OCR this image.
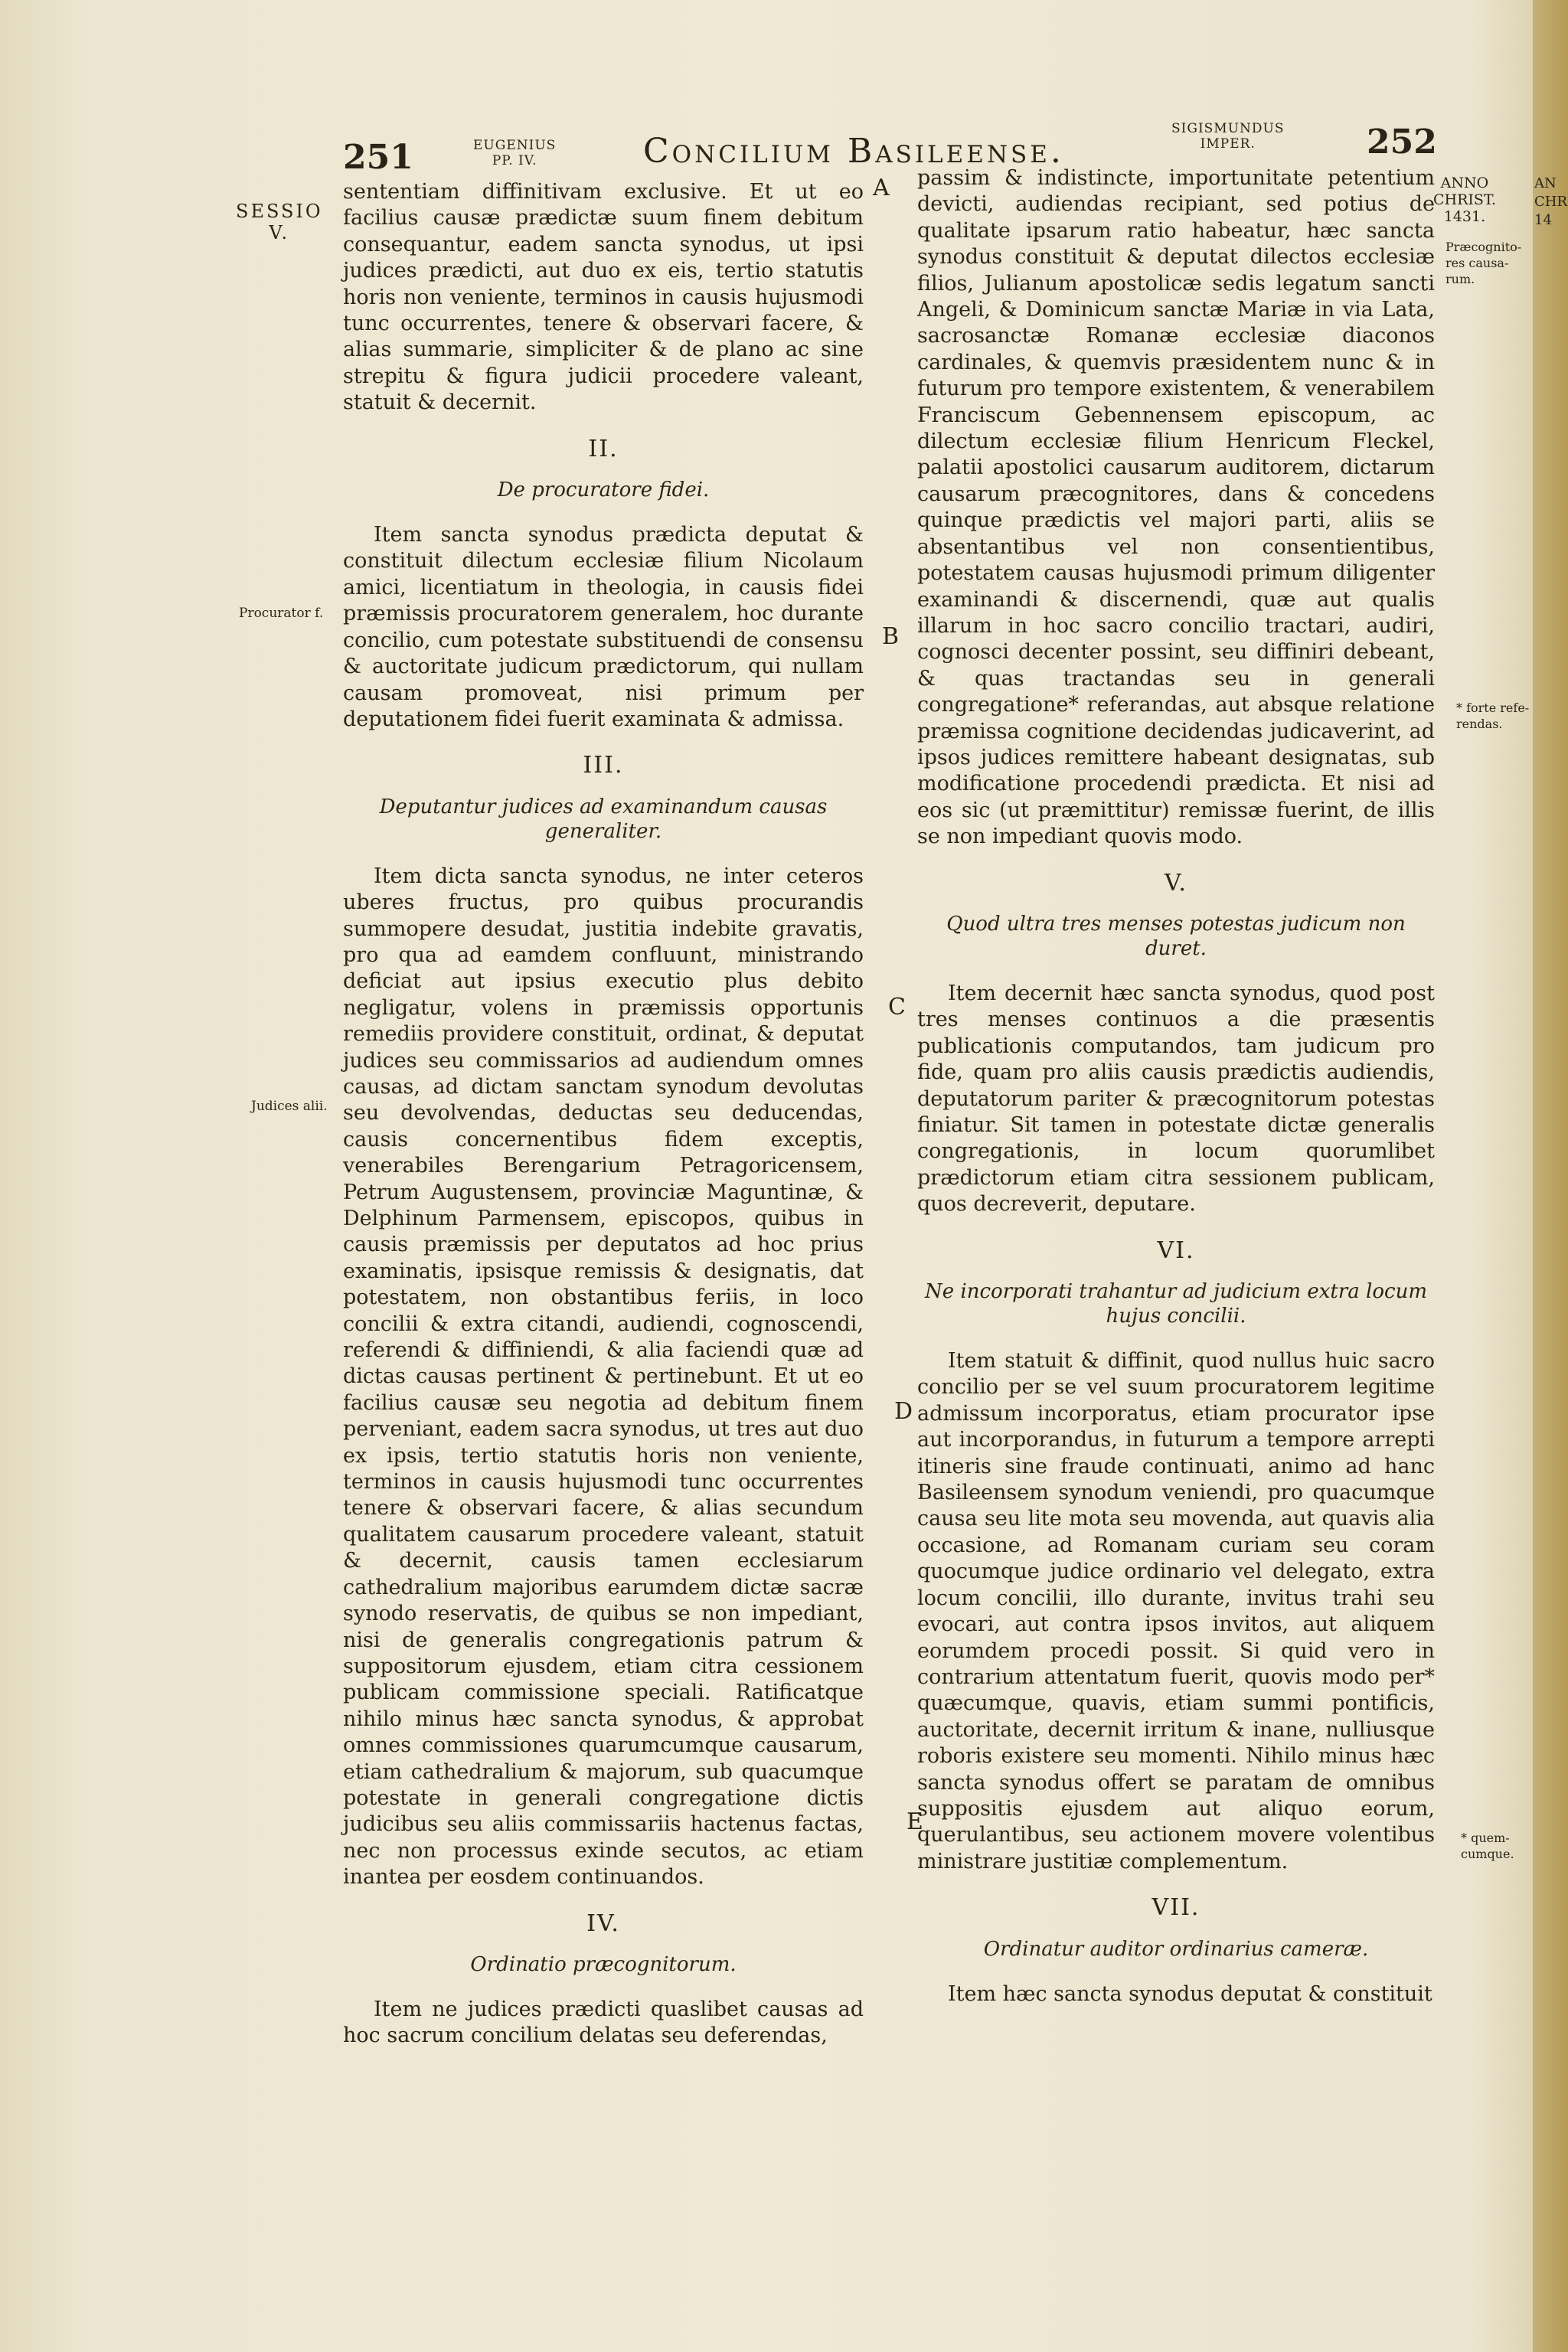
251	EUGENIUS
PP. IV.	Concilium Basileense.
SIGISMUNDUS
IMPER.	252
SESSIO
V.
Procurator f.
Judices alii.
A
B
C
D
E
ANNO
CHRIST.
1431.
Præcognito-
res causa-
rum.
* forte refe-
rendas.
* quem-
cumque.
AN
CHR
14

sententiam diffinitivam exclusive. Et ut eo facilius causæ prædictæ suum finem debitum consequantur, eadem sancta synodus, ut ipsi judices prædicti, aut duo ex eis, tertio statutis horis non veniente, terminos in causis hujusmodi tunc occurrentes, tenere & observari facere, & alias summarie, simpliciter & de plano ac sine strepitu & figura judicii procedere valeant, statuit & decernit.

II.
De procuratore fidei.

Item sancta synodus prædicta deputat & constituit dilectum ecclesiæ filium Nicolaum amici, licentiatum in theologia, in causis fidei præmissis procuratorem generalem, hoc durante concilio, cum potestate substituendi de consensu & auctoritate judicum prædictorum, qui nullam causam promoveat, nisi primum per deputationem fidei fuerit examinata & admissa.

III.
Deputantur judices ad examinandum causas generaliter.

Item dicta sancta synodus, ne inter ceteros uberes fructus, pro quibus procurandis summopere desudat, justitia indebite gravatis, pro qua ad eamdem confluunt, ministrando deficiat aut ipsius executio plus debito negligatur, volens in præmissis opportunis remediis providere constituit, ordinat, & deputat judices seu commissarios ad audiendum omnes causas, ad dictam sanctam synodum devolutas seu devolvendas, deductas seu deducendas, causis concernentibus fidem exceptis, venerabiles Berengarium Petragoricensem, Petrum Augustensem, provinciæ Maguntinæ, & Delphinum Parmensem, episcopos, quibus in causis præmissis per deputatos ad hoc prius examinatis, ipsisque remissis & designatis, dat potestatem, non obstantibus feriis, in loco concilii & extra citandi, audiendi, cognoscendi, referendi & diffiniendi, & alia faciendi quæ ad dictas causas pertinent & pertinebunt. Et ut eo facilius causæ seu negotia ad debitum finem perveniant, eadem sacra synodus, ut tres aut duo ex ipsis, tertio statutis horis non veniente, terminos in causis hujusmodi tunc occurrentes tenere & observari facere, & alias secundum qualitatem causarum procedere valeant, statuit & decernit, causis tamen ecclesiarum cathedralium majoribus earumdem dictæ sacræ synodo reservatis, de quibus se non impediant, nisi de generalis congregationis patrum & suppositorum ejusdem, etiam citra cessionem publicam commissione speciali. Ratificatque nihilo minus hæc sancta synodus, & approbat omnes commissiones quarumcumque causarum, etiam cathedralium & majorum, sub quacumque potestate in generali congregatione dictis judicibus seu aliis commissariis hactenus factas, nec non processus exinde secutos, ac etiam inantea per eosdem continuandos.

IV.
Ordinatio præcognitorum.

Item ne judices prædicti quaslibet causas ad hoc sacrum concilium delatas seu deferendas,

passim & indistincte, importunitate petentium devicti, audiendas recipiant, sed potius de qualitate ipsarum ratio habeatur, hæc sancta synodus constituit & deputat dilectos ecclesiæ filios, Julianum apostolicæ sedis legatum sancti Angeli, & Dominicum sanctæ Mariæ in via Lata, sacrosanctæ Romanæ ecclesiæ diaconos cardinales, & quemvis præsidentem nunc & in futurum pro tempore existentem, & venerabilem Franciscum Gebennensem episcopum, ac dilectum ecclesiæ filium Henricum Fleckel, palatii apostolici causarum auditorem, dictarum causarum præcognitores, dans & concedens quinque prædictis vel majori parti, aliis se absentantibus vel non consentientibus, potestatem causas hujusmodi primum diligenter examinandi & discernendi, quæ aut qualis illarum in hoc sacro concilio tractari, audiri, cognosci decenter possint, seu diffiniri debeant, & quas tractandas seu in generali congregatione* referandas, aut absque relatione præmissa cognitione decidendas judicaverint, ad ipsos judices remittere habeant designatas, sub modificatione procedendi prædicta. Et nisi ad eos sic (ut præmittitur) remissæ fuerint, de illis se non impediant quovis modo.

V.
Quod ultra tres menses potestas judicum non duret.

Item decernit hæc sancta synodus, quod post tres menses continuos a die præsentis publicationis computandos, tam judicum pro fide, quam pro aliis causis prædictis audiendis, deputatorum pariter & præcognitorum potestas finiatur. Sit tamen in potestate dictæ generalis congregationis, in locum quorumlibet prædictorum etiam citra sessionem publicam, quos decreverit, deputare.

VI.
Ne incorporati trahantur ad judicium extra locum hujus concilii.

Item statuit & diffinit, quod nullus huic sacro concilio per se vel suum procuratorem legitime admissum incorporatus, etiam procurator ipse aut incorporandus, in futurum a tempore arrepti itineris sine fraude continuati, animo ad hanc Basileensem synodum veniendi, pro quacumque causa seu lite mota seu movenda, aut quavis alia occasione, ad Romanam curiam seu coram quocumque judice ordinario vel delegato, extra locum concilii, illo durante, invitus trahi seu evocari, aut contra ipsos invitos, aut aliquem eorumdem procedi possit. Si quid vero in contrarium attentatum fuerit, quovis modo per* quæcumque, quavis, etiam summi pontificis, auctoritate, decernit irritum & inane, nulliusque roboris existere seu momenti. Nihilo minus hæc sancta synodus offert se paratam de omnibus suppositis ejusdem aut aliquo eorum, querulantibus, seu actionem movere volentibus ministrare justitiæ complementum.

VII.
Ordinatur auditor ordinarius cameræ.

Item hæc sancta synodus deputat & constituit
